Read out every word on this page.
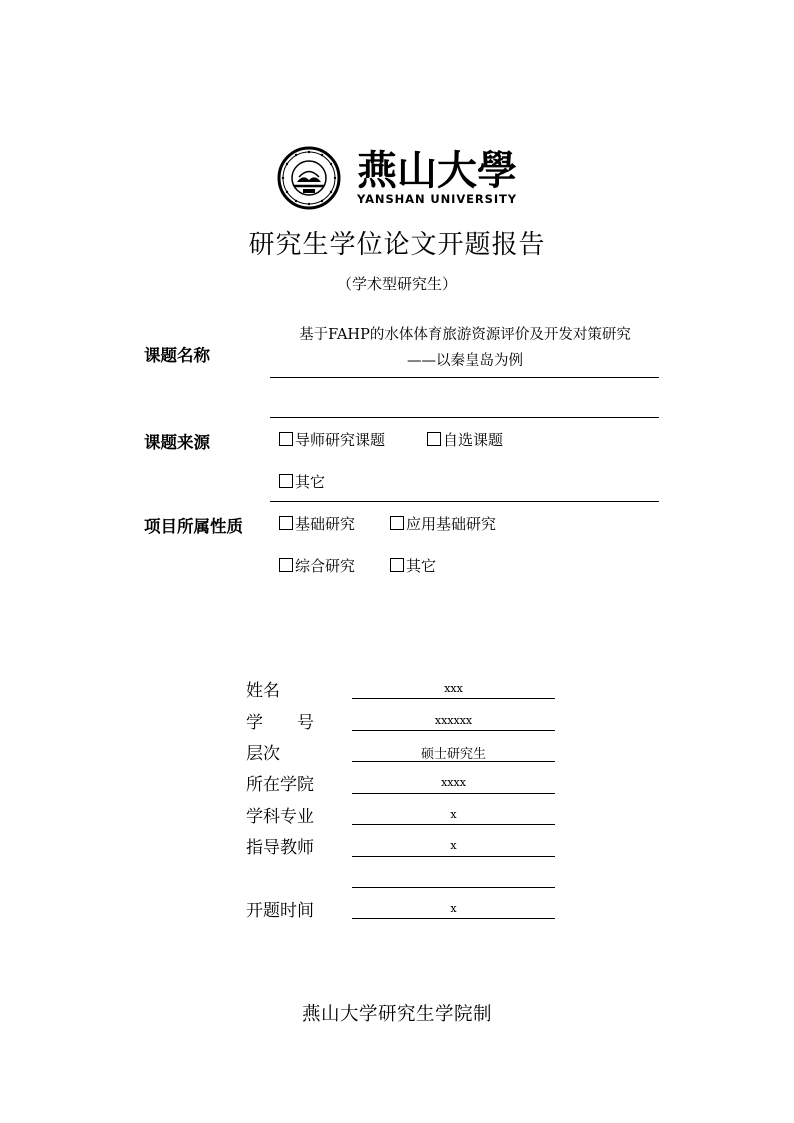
燕山大學
YANSHAN UNIVERSITY
研究生学位论文开题报告
（学术型研究生）
课题名称
基于FAHP的水体体育旅游资源评价及开发对策研究
——以秦皇岛为例
课题来源	导师研究课题	自选课题
其它
项目所属性质	基础研究	应用基础研究
综合研究	其它
姓名	xxx
学　　号	xxxxxx
层次	硕士研究生
所在学院	xxxx
学科专业	x
指导教师	x
开题时间	x
燕山大学研究生学院制
